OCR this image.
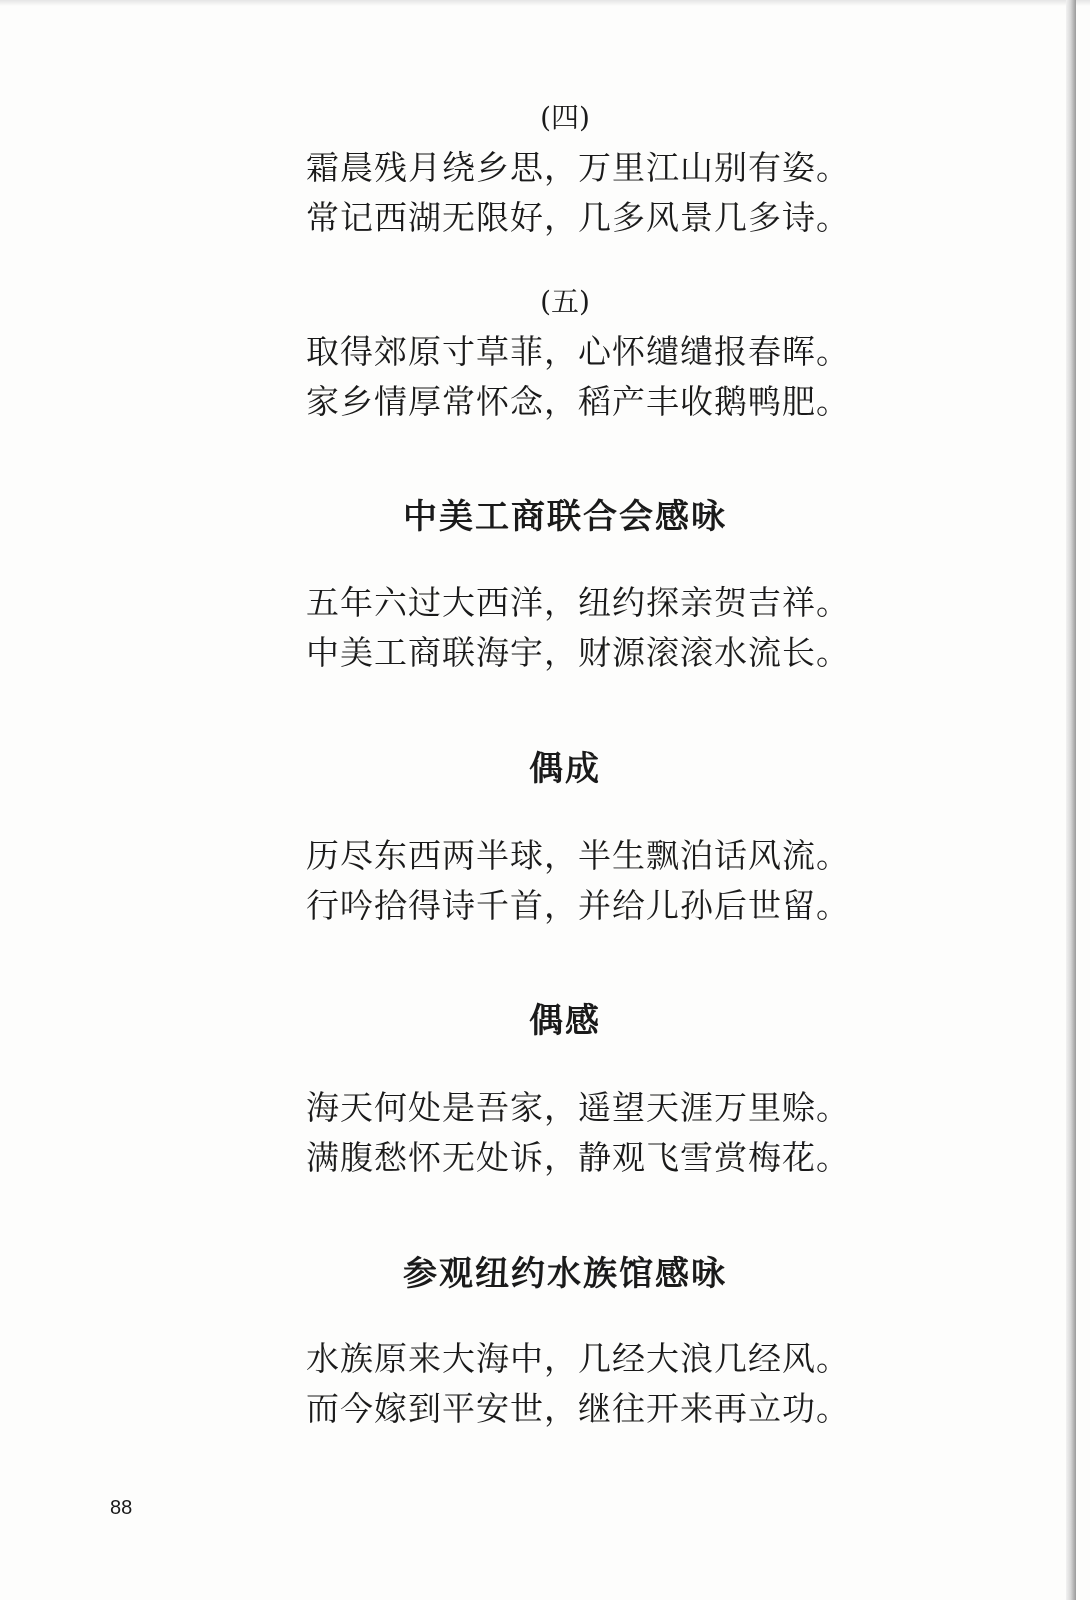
(四)
霜晨残月绕乡思，万里江山别有姿。
常记西湖无限好，几多风景几多诗。
(五)
取得郊原寸草菲，心怀缱缱报春晖。
家乡情厚常怀念，稻产丰收鹅鸭肥。
中美工商联合会感咏
五年六过大西洋，纽约探亲贺吉祥。
中美工商联海宇，财源滚滚水流长。
偶成
历尽东西两半球，半生飘泊话风流。
行吟拾得诗千首，并给儿孙后世留。
偶感
海天何处是吾家，遥望天涯万里赊。
满腹愁怀无处诉，静观飞雪赏梅花。
参观纽约水族馆感咏
水族原来大海中，几经大浪几经风。
而今嫁到平安世，继往开来再立功。
88
